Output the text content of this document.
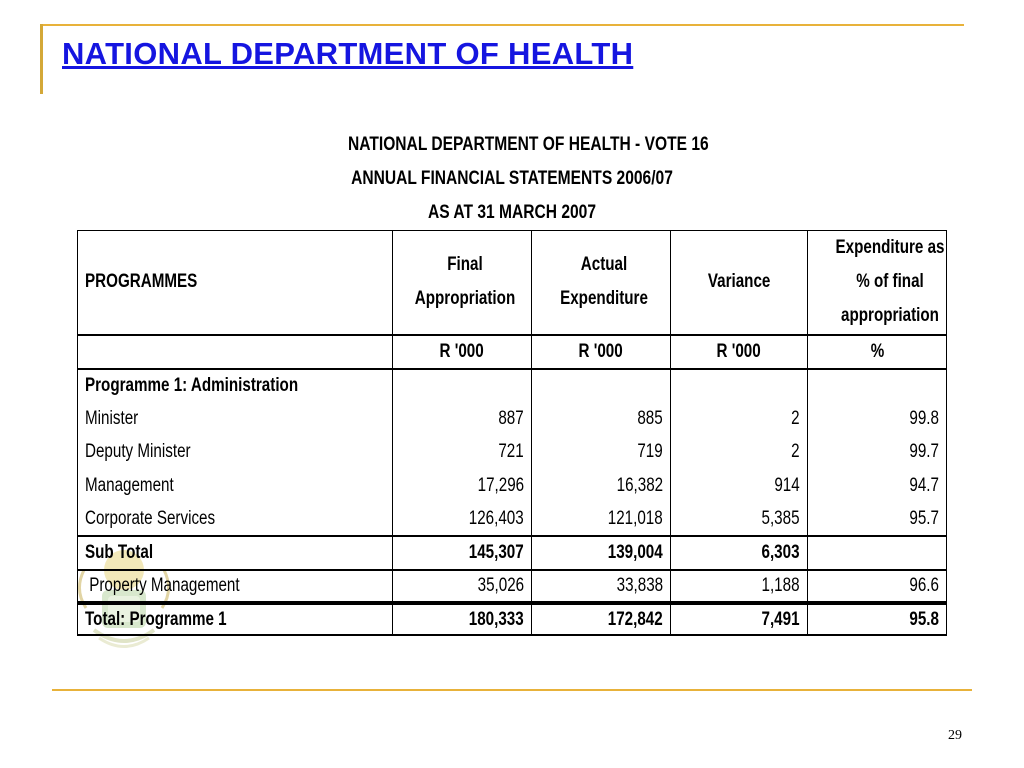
NATIONAL DEPARTMENT OF HEALTH
NATIONAL DEPARTMENT OF HEALTH - VOTE 16
ANNUAL FINANCIAL STATEMENTS 2006/07
AS AT 31 MARCH 2007
PROGRAMMES	Final Appropriation	Actual Expenditure	Variance	Expenditure as % of final appropriation
	R '000	R '000	R '000	%
Programme 1: Administration				
Minister	887	885	2	99.8
Deputy Minister	721	719	2	99.7
Management	17,296	16,382	914	94.7
Corporate Services	126,403	121,018	5,385	95.7
Sub Total	145,307	139,004	6,303	
Property Management	35,026	33,838	1,188	96.6
Total: Programme 1	180,333	172,842	7,491	95.8
29
